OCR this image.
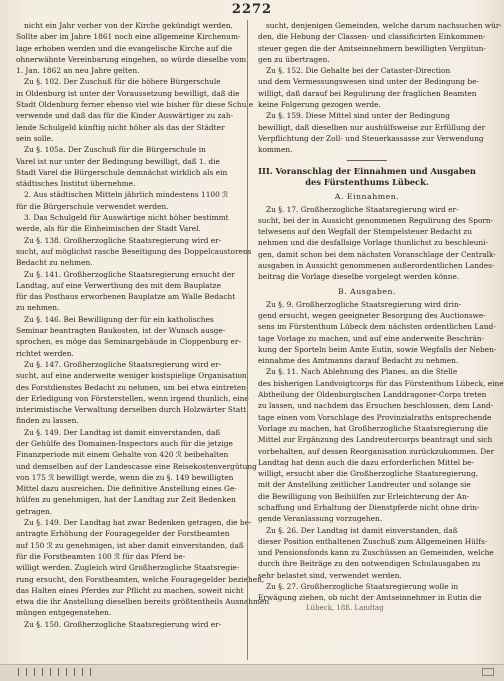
2272

nicht ein Jahr vorher von der Kirche gekündigt werden.
Sollte aber im Jahre 1861 noch eine allgemeine Kirchenum-
lage erhoben werden und die evangelische Kirche auf die
ohnerwähnte Vereinbarung eingehen, so würde dieselbe vom
1. Jan. 1862 an neu Jahre gelten.

Zu §. 102. Der Zuschuß für die höhere Bürgerschule
in Oldenburg ist unter der Voraussetzung bewilligt, daß die
Stadt Oldenburg ferner ebenso viel wie bisher für diese Schule
verwende und daß das für die Kinder Auswärtiger zu zah-
lende Schulgeld künftig nicht höher als das der Städter
sein solle.

Zu §. 105a. Der Zuschuß für die Bürgerschule in
Varel ist nur unter der Bedingung bewilligt, daß 1. die
Stadt Varel die Bürgerschule demnächst wirklich als ein
städtisches Institut übernehme.

2. Aus städtischen Mitteln jährlich mindestens 1100 ℛ
für die Bürgerschule verwendet werden.

3. Das Schulgeld für Auswärtige nicht höher bestimmt
werde, als für die Einheimischen der Stadt Varel.

Zu §. 138. Großherzogliche Staatsregierung wird er-
sucht, auf möglichst rasche Beseitigung des Doppelcaustorens
Bedacht zu nehmen.

Zu §. 141. Großherzogliche Staatsregierung ersucht der
Landtag, auf eine Verwerthung des mit dem Bauplatze
für das Posthaus erworbenen Bauplatze am Walle Bedacht
zu nehmen.

Zu §. 146. Bei Bewilligung der für ein katholisches
Seminar beantragten Baukosten, ist der Wunsch ausge-
sprochen, es möge das Seminargebäude in Cloppenburg er-
richtet werden.

Zu §. 147. Großherzogliche Staatsregierung wird er-
sucht, auf eine anderweite weniger kostspielige Organisation
des Forstdienstes Bedacht zu nehmen, um bei etwa eintreten-
der Erledigung von Försterstellen, wenn irgend thunlich, eine
interimistische Verwaltung derselben durch Holzwärter Statt
finden zu lassen.

Zu §. 149. Der Landtag ist damit einverstanden, daß
der Gehülfe des Domainen-Inspectors auch für die jetzige
Finanzperiode mit einem Gehalte von 420 ℛ beibehalten
und demselben auf der Landescasse eine Reisekostenvergütung
von 175 ℛ bewilligt werde, wenn die zu §. 149 bewilligten
Mittel dazu ausreichen. Die definitive Anstellung eines Ge-
hülfen zu genehmigen, hat der Landtag zur Zeit Bedenken
getragen.

Zu §. 149. Der Landtag hat zwar Bedenken getragen, die be-
antragte Erhöhung der Fouragegelder der Forstbeamten
auf 150 ℛ zu genehmigen, ist aber damit einverstanden, daß
für die Forstbeamten 100 ℛ für das Pferd be-
willigt werden. Zugleich wird Großherzogliche Staatsregie-
rung ersucht, den Forstbeamten, welche Fouragegelder beziehen,
das Halten eines Pferdes zur Pflicht zu machen, soweit nicht
etwa die ihr Anstellung dieselben bereits größtentheils Ausnahmen
müngen entgegenstehen.

Zu §. 150. Großherzogliche Staatsregierung wird er-

sucht, denjenigen Gemeinden, welche darum nachsuchen wür-
den, die Hebung der Classen- und classificirten Einkommen-
steuer gegen die der Amtseinnehmern bewilligten Vergütun-
gen zu übertragen.

Zu §. 152. Die Gehalte bei der Cataster-Direction
und dem Vermessungswesen sind unter der Bedingung be-
willigt, daß darauf bei Regulirung der fraglichen Beamten
keine Folgerung gezogen werde.

Zu §. 159. Diese Mittel sind unter der Bedingung
bewilligt, daß dieselben nur aushülfsweise zur Erfüllung der
Verpflichtung der Zoll- und Steuerkassasse zur Verwendung
kommen.

III. Voranschlag der Einnahmen und Ausgaben des Fürstenthums Lübeck.
A. Einnahmen.

Zu §. 17. Großherzogliche Staatsregierung wird er-
sucht, bei der in Aussicht genommenen Regulirung des Sporn-
telwesens auf den Wegfall der Stempelsteuer Bedacht zu
nehmen und die desfallsige Vorlage thunlichst zu beschleuni-
gen, damit schon bei dem nächsten Voranschlage der Centralk-
ausgaben in Aussicht genommenen außerordentlichen Landes-
beitrag die Vorlage dieselbe vorgelegt werden könne.

B. Ausgaben.

Zu §. 9. Großherzogliche Staatsregierung wird drin-
gend ersucht, wegen geeigneter Besorgung des Auctionswe-
sens im Fürstenthum Lübeck dem nächsten ordentlichen Land-
tage Vorlage zu machen, und auf eine anderweite Beschrän-
kung der Sporteln beim Amte Eutin, sowie Wegfalls der Neben-
einnahme des Amtmanns darauf Bedacht zu nehmen.

Zu §. 11. Nach Ablehnung des Planes, an die Stelle
des bisherigen Landvoigtcorps für das Fürstenthum Lübeck, eine
Abtheilung der Oldenburgischen Landdragoner-Corps treten
zu lassen, und nachdem das Ersuchen beschlossen, dem Land-
tage einen vom Vorschlage des Provinzialraths entsprechende
Vorlage zu machen, hat Großherzogliche Staatsregierung die
Mittel zur Ergänzung des Landreutercorps beantragt und sich
vorbehalten, auf dessen Reorganisation zurückzukommen. Der
Landtag hat denn auch die dazu erforderlichen Mittel be-
willigt, ersucht aber die Großherzogliche Staatsregierung,
mit der Anstellung zeitlicher Landreuter und solange sie
die Bewilligung von Beihülfen zur Erleichterung der An-
schaffung und Erhaltung der Dienstpferde nicht ohne drin-
gende Veranlassung vorzugehen.

Zu §. 26. Der Landtag ist damit einverstanden, daß
dieser Position enthaltenen Zuschuß zum Allgemeinen Hülfs-
und Pensionsfonds kann zu Zuschüssen an Gemeinden, welche
durch ihre Beiträge zu den notwendigen Schulausgaben zu
sehr belastet sind, verwendet werden.

Zu §. 27. Großherzogliche Staatsregierung wolle in
Erwägung ziehen, ob nicht der Amtseinnehmer in Eutin die

Lübeck, 18ß. Landtag
